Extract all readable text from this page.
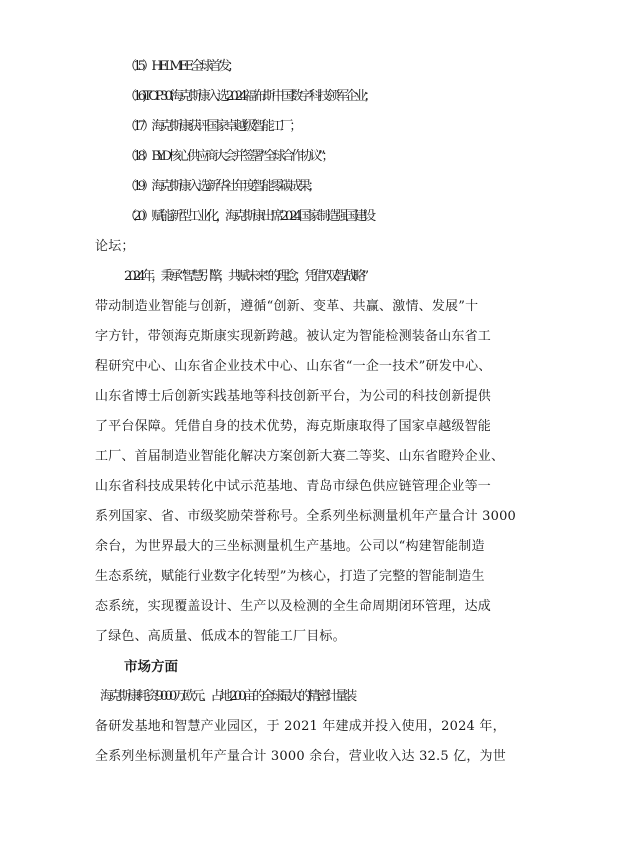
（15）HELMEE 全球首发；
（16)TOP30!海克斯康入选 2024 福布斯中国数字科技领军企业；
（17）海克斯康获评国家卓越级智能工厂；
（18）BYD 核心供应商大会并签署“全球合作协议”；
（19）海克斯康入选新华社年度智能零碳成果；
（20）赋能新型工业化，海克斯康出席 2024 国家制造强国建设
论坛；
2024 年，秉承“智慧引擎，共赋未来”的理念，凭借“双智战略”
带动制造业智能与创新，遵循“创新、变革、共赢、激情、发展”十
字方针，带领海克斯康实现新跨越。被认定为智能检测装备山东省工
程研究中心、山东省企业技术中心、山东省“一企一技术”研发中心、
山东省博士后创新实践基地等科技创新平台，为公司的科技创新提供
了平台保障。凭借自身的技术优势，海克斯康取得了国家卓越级智能
工厂、首届制造业智能化解决方案创新大赛二等奖、山东省瞪羚企业、
山东省科技成果转化中试示范基地、青岛市绿色供应链管理企业等一
系列国家、省、市级奖励荣誉称号。全系列坐标测量机年产量合计 3000
余台，为世界最大的三坐标测量机生产基地。公司以“构建智能制造
生态系统，赋能行业数字化转型”为核心，打造了完整的智能制造生
态系统，实现覆盖设计、生产以及检测的全生命周期闭环管理，达成
了绿色、高质量、低成本的智能工厂目标。
市场方面
海克斯康耗资 9000 万欧元、占地 200 亩的全球最大的精密计量装
备研发基地和智慧产业园区，于 2021 年建成并投入使用，2024 年，
全系列坐标测量机年产量合计 3000 余台，营业收入达 32.5 亿，为世
